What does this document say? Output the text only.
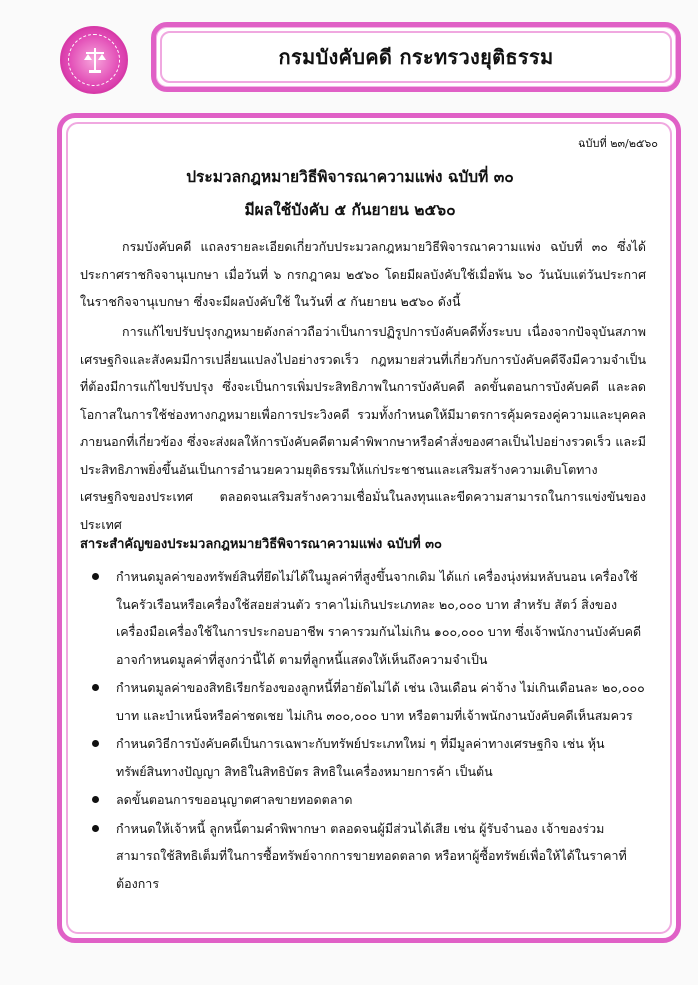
กรมบังคับคดี กระทรวงยุติธรรม
ฉบับที่ ๒๓/๒๕๖๐
ประมวลกฎหมายวิธีพิจารณาความแพ่ง ฉบับที่ ๓๐
มีผลใช้บังคับ ๕ กันยายน ๒๕๖๐

กรมบังคับคดี แถลงรายละเอียดเกี่ยวกับประมวลกฎหมายวิธีพิจารณาความแพ่ง ฉบับที่ ๓๐ ซึ่งได้ประกาศราชกิจจานุเบกษา เมื่อวันที่ ๖ กรกฎาคม ๒๕๖๐ โดยมีผลบังคับใช้เมื่อพ้น ๖๐ วันนับแต่วันประกาศในราชกิจจานุเบกษา ซึ่งจะมีผลบังคับใช้ ในวันที่ ๕ กันยายน ๒๕๖๐ ดังนี้

การแก้ไขปรับปรุงกฎหมายดังกล่าวถือว่าเป็นการปฏิรูปการบังคับคดีทั้งระบบ เนื่องจากปัจจุบันสภาพเศรษฐกิจและสังคมมีการเปลี่ยนแปลงไปอย่างรวดเร็ว กฎหมายส่วนที่เกี่ยวกับการบังคับคดีจึงมีความจำเป็นที่ต้องมีการแก้ไขปรับปรุง ซึ่งจะเป็นการเพิ่มประสิทธิภาพในการบังคับคดี ลดขั้นตอนการบังคับคดี และลดโอกาสในการใช้ช่องทางกฎหมายเพื่อการประวิงคดี รวมทั้งกำหนดให้มีมาตรการคุ้มครองคู่ความและบุคคลภายนอกที่เกี่ยวข้อง ซึ่งจะส่งผลให้การบังคับคดีตามคำพิพากษาหรือคำสั่งของศาลเป็นไปอย่างรวดเร็ว และมีประสิทธิภาพยิ่งขึ้นอันเป็นการอำนวยความยุติธรรมให้แก่ประชาชนและเสริมสร้างความเติบโตทางเศรษฐกิจของประเทศ ตลอดจนเสริมสร้างความเชื่อมั่นในลงทุนและขีดความสามารถในการแข่งขันของประเทศ

สาระสำคัญของประมวลกฎหมายวิธีพิจารณาความแพ่ง ฉบับที่ ๓๐
กำหนดมูลค่าของทรัพย์สินที่ยึดไม่ได้ในมูลค่าที่สูงขึ้นจากเดิม ได้แก่ เครื่องนุ่งห่มหลับนอน เครื่องใช้ในครัวเรือนหรือเครื่องใช้สอยส่วนตัว ราคาไม่เกินประเภทละ ๒๐,๐๐๐ บาท สำหรับ สัตว์ สิ่งของ เครื่องมือเครื่องใช้ในการประกอบอาชีพ ราคารวมกันไม่เกิน ๑๐๐,๐๐๐ บาท ซึ่งเจ้าพนักงานบังคับคดีอาจกำหนดมูลค่าที่สูงกว่านี้ได้ ตามที่ลูกหนี้แสดงให้เห็นถึงความจำเป็น
กำหนดมูลค่าของสิทธิเรียกร้องของลูกหนี้ที่อายัดไม่ได้ เช่น เงินเดือน ค่าจ้าง ไม่เกินเดือนละ ๒๐,๐๐๐ บาท และบำเหน็จหรือค่าชดเชย ไม่เกิน ๓๐๐,๐๐๐ บาท หรือตามที่เจ้าพนักงานบังคับคดีเห็นสมควร
กำหนดวิธีการบังคับคดีเป็นการเฉพาะกับทรัพย์ประเภทใหม่ ๆ ที่มีมูลค่าทางเศรษฐกิจ เช่น หุ้น ทรัพย์สินทางปัญญา สิทธิในสิทธิบัตร สิทธิในเครื่องหมายการค้า เป็นต้น
ลดขั้นตอนการขออนุญาตศาลขายทอดตลาด
กำหนดให้เจ้าหนี้ ลูกหนี้ตามคำพิพากษา ตลอดจนผู้มีส่วนได้เสีย เช่น ผู้รับจำนอง เจ้าของร่วม สามารถใช้สิทธิเต็มที่ในการซื้อทรัพย์จากการขายทอดตลาด หรือหาผู้ซื้อทรัพย์เพื่อให้ได้ในราคาที่ต้องการ
